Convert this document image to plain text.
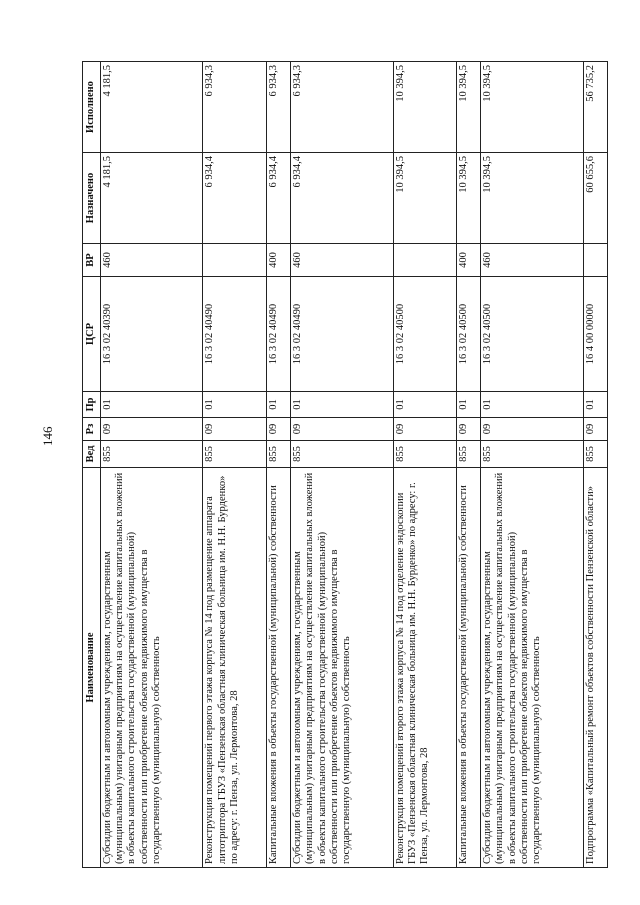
146
Наименование	Вед	Рз	Пр	ЦСР	ВР	Назначено	Исполнено
Субсидии бюджетным и автономным учреждениям, государственным (муниципальным) унитарным предприятиям на осуществление капитальных вложений в объекты капитального строительства государственной (муниципальной) собственности или приобретение объектов недвижимого имущества в государственную (муниципальную) собственность	855	09	01	16 3 02 40390	460	4 181,5	4 181,5
Реконструкция помещений первого этажа корпуса № 14 под размещение аппарата литотриптора ГБУЗ «Пензенская областная клиническая больница им. Н.Н. Бурденко» по адресу: г. Пенза, ул. Лермонтова, 28	855	09	01	16 3 02 40490		6 934,4	6 934,3
Капитальные вложения в объекты государственной (муниципальной) собственности	855	09	01	16 3 02 40490	400	6 934,4	6 934,3
Субсидии бюджетным и автономным учреждениям, государственным (муниципальным) унитарным предприятиям на осуществление капитальных вложений в объекты капитального строительства государственной (муниципальной) собственности или приобретение объектов недвижимого имущества в государственную (муниципальную) собственность	855	09	01	16 3 02 40490	460	6 934,4	6 934,3
Реконструкция помещений второго этажа корпуса № 14 под отделение эндоскопии ГБУЗ «Пензенская областная клиническая больница им. Н.Н. Бурденко» по адресу: г. Пенза, ул. Лермонтова, 28	855	09	01	16 3 02 40500		10 394,5	10 394,5
Капитальные вложения в объекты государственной (муниципальной) собственности	855	09	01	16 3 02 40500	400	10 394,5	10 394,5
Субсидии бюджетным и автономным учреждениям, государственным (муниципальным) унитарным предприятиям на осуществление капитальных вложений в объекты капитального строительства государственной (муниципальной) собственности или приобретение объектов недвижимого имущества в государственную (муниципальную) собственность	855	09	01	16 3 02 40500	460	10 394,5	10 394,5
Подпрограмма «Капитальный ремонт объектов собственности Пензенской области»	855	09	01	16 4 00 00000		60 655,6	56 735,2
